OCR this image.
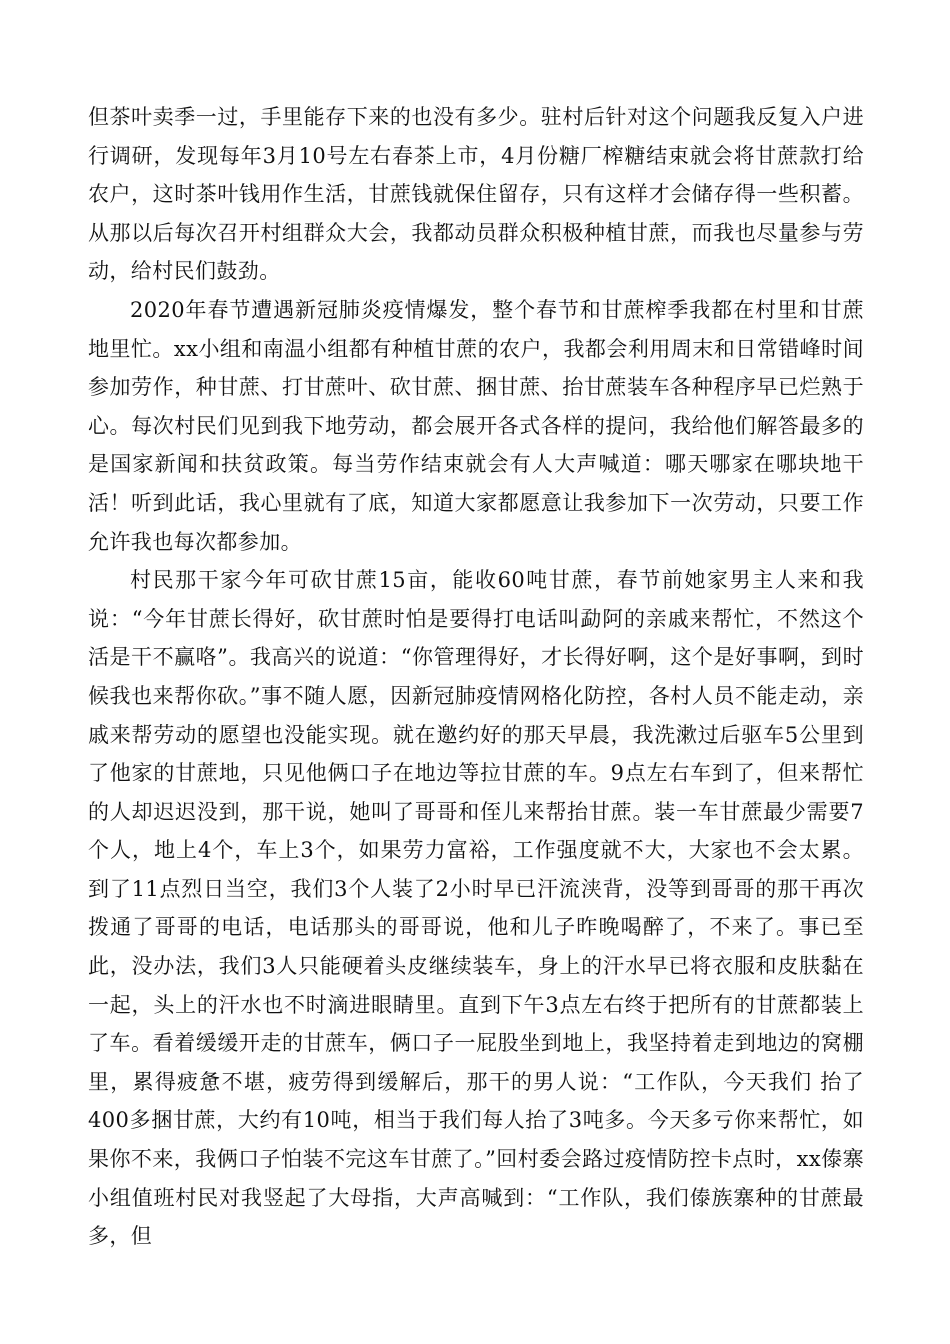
但茶叶卖季一过，手里能存下来的也没有多少。驻村后针对这个问题我反复入户进行调研，发现每年3月10号左右春茶上市，4月份糖厂榨糖结束就会将甘蔗款打给农户，这时茶叶钱用作生活，甘蔗钱就保住留存，只有这样才会储存得一些积蓄。从那以后每次召开村组群众大会，我都动员群众积极种植甘蔗，而我也尽量参与劳动，给村民们鼓劲。

2020年春节遭遇新冠肺炎疫情爆发，整个春节和甘蔗榨季我都在村里和甘蔗地里忙。xx小组和南温小组都有种植甘蔗的农户，我都会利用周末和日常错峰时间参加劳作，种甘蔗、打甘蔗叶、砍甘蔗、捆甘蔗、抬甘蔗装车各种程序早已烂熟于心。每次村民们见到我下地劳动，都会展开各式各样的提问，我给他们解答最多的是国家新闻和扶贫政策。每当劳作结束就会有人大声喊道：哪天哪家在哪块地干活！听到此话，我心里就有了底，知道大家都愿意让我参加下一次劳动，只要工作允许我也每次都参加。

村民那干家今年可砍甘蔗15亩，能收60吨甘蔗，春节前她家男主人来和我说：“今年甘蔗长得好，砍甘蔗时怕是要得打电话叫勐阿的亲戚来帮忙，不然这个活是干不赢咯”。我高兴的说道：“你管理得好，才长得好啊，这个是好事啊，到时候我也来帮你砍。”事不随人愿，因新冠肺疫情网格化防控，各村人员不能走动，亲戚来帮劳动的愿望也没能实现。就在邀约好的那天早晨，我洗漱过后驱车5公里到了他家的甘蔗地，只见他俩口子在地边等拉甘蔗的车。9点左右车到了，但来帮忙的人却迟迟没到，那干说，她叫了哥哥和侄儿来帮抬甘蔗。装一车甘蔗最少需要7个人，地上4个，车上3个，如果劳力富裕，工作强度就不大，大家也不会太累。到了11点烈日当空，我们3个人装了2小时早已汗流浃背，没等到哥哥的那干再次拨通了哥哥的电话，电话那头的哥哥说，他和儿子昨晚喝醉了，不来了。事已至此，没办法，我们3人只能硬着头皮继续装车，身上的汗水早已将衣服和皮肤黏在一起，头上的汗水也不时滴进眼睛里。直到下午3点左右终于把所有的甘蔗都装上了车。看着缓缓开走的甘蔗车，俩口子一屁股坐到地上，我坚持着走到地边的窝棚里，累得疲惫不堪，疲劳得到缓解后，那干的男人说：“工作队，今天我们 抬了400多捆甘蔗，大约有10吨，相当于我们每人抬了3吨多。今天多亏你来帮忙，如果你不来，我俩口子怕装不完这车甘蔗了。”回村委会路过疫情防控卡点时，xx傣寨小组值班村民对我竖起了大母指，大声高喊到：“工作队，我们傣族寨种的甘蔗最多，但
